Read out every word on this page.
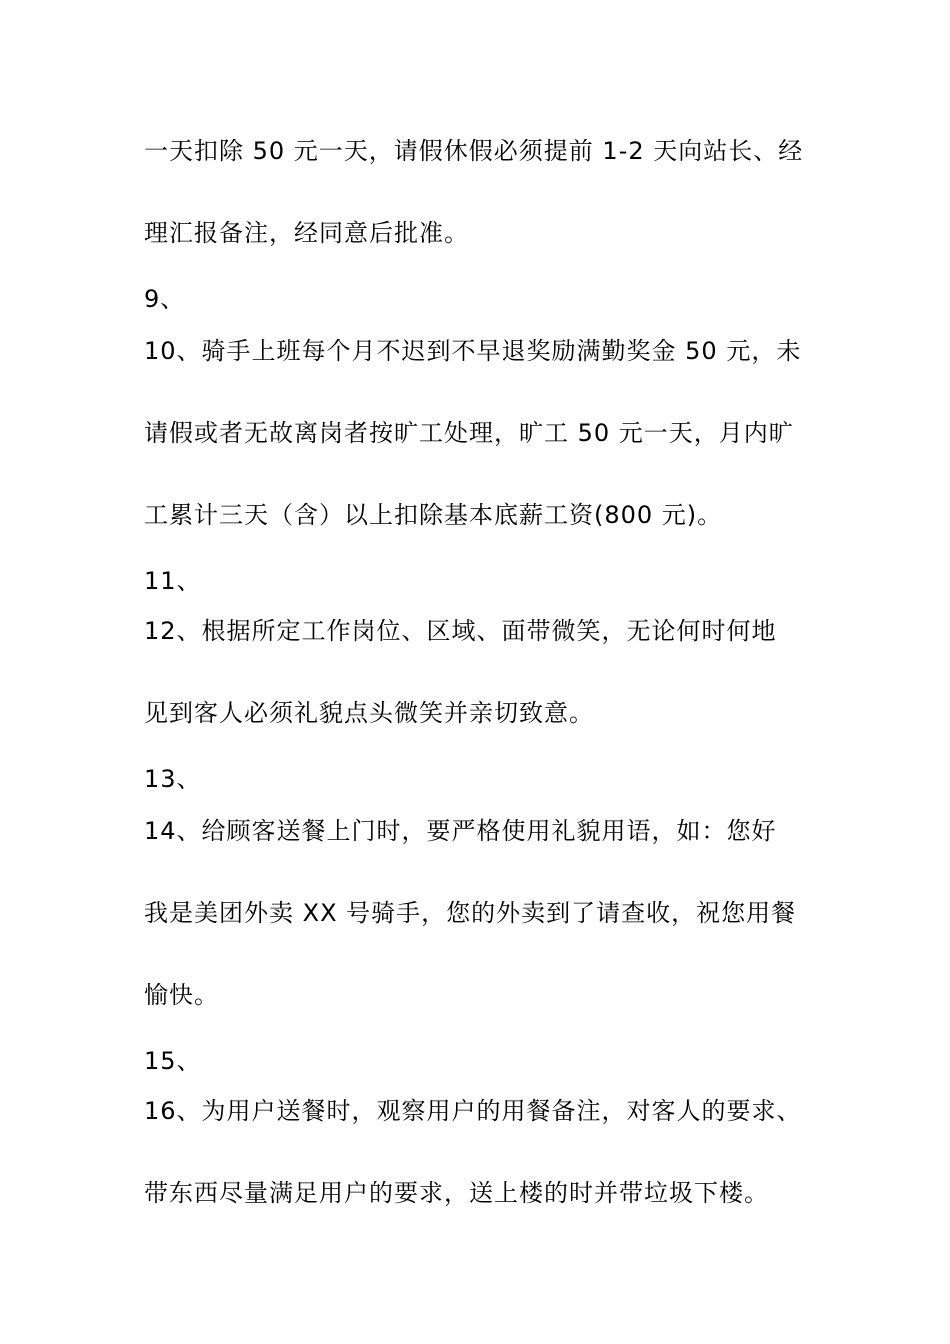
一天扣除 50 元一天，请假休假必须提前 1-2 天向站长、经
理汇报备注，经同意后批准。
9、
10、骑手上班每个月不迟到不早退奖励满勤奖金 50 元，未
请假或者无故离岗者按旷工处理，旷工 50 元一天，月内旷
工累计三天（含）以上扣除基本底薪工资(800 元)。
11、
12、根据所定工作岗位、区域、面带微笑，无论何时何地
见到客人必须礼貌点头微笑并亲切致意。
13、
14、给顾客送餐上门时，要严格使用礼貌用语，如：您好
我是美团外卖 XX 号骑手，您的外卖到了请查收，祝您用餐
愉快。
15、
16、为用户送餐时，观察用户的用餐备注，对客人的要求、
带东西尽量满足用户的要求，送上楼的时并带垃圾下楼。
